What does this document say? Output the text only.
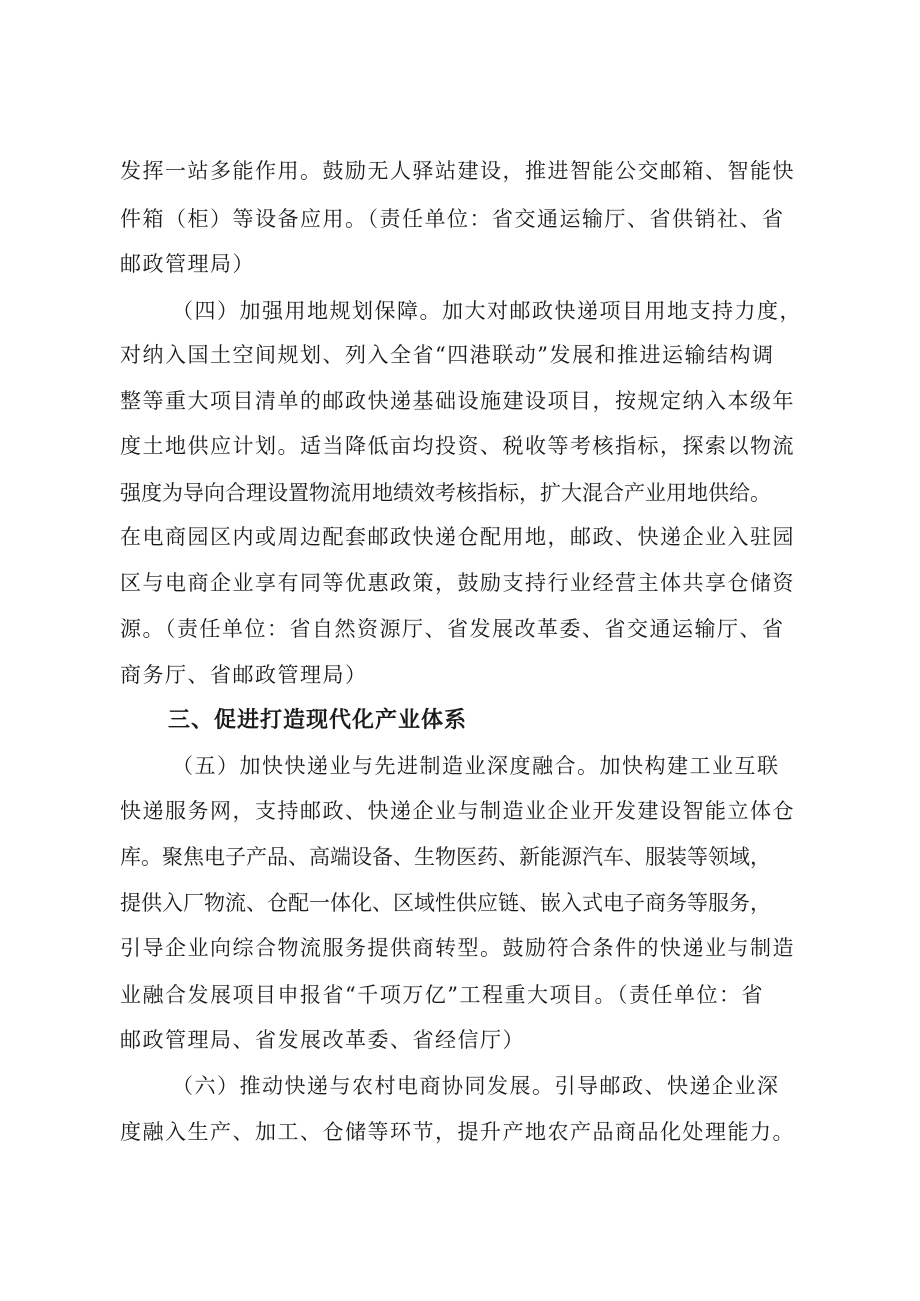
发挥一站多能作用。鼓励无人驿站建设，推进智能公交邮箱、智能快
件箱（柜）等设备应用。（责任单位：省交通运输厅、省供销社、省
邮政管理局）
（四）加强用地规划保障。加大对邮政快递项目用地支持力度，
对纳入国土空间规划、列入全省“四港联动”发展和推进运输结构调
整等重大项目清单的邮政快递基础设施建设项目，按规定纳入本级年
度土地供应计划。适当降低亩均投资、税收等考核指标，探索以物流
强度为导向合理设置物流用地绩效考核指标，扩大混合产业用地供给。
在电商园区内或周边配套邮政快递仓配用地，邮政、快递企业入驻园
区与电商企业享有同等优惠政策，鼓励支持行业经营主体共享仓储资
源。（责任单位：省自然资源厅、省发展改革委、省交通运输厅、省
商务厅、省邮政管理局）
三、促进打造现代化产业体系
（五）加快快递业与先进制造业深度融合。加快构建工业互联
快递服务网，支持邮政、快递企业与制造业企业开发建设智能立体仓
库。聚焦电子产品、高端设备、生物医药、新能源汽车、服装等领域，
提供入厂物流、仓配一体化、区域性供应链、嵌入式电子商务等服务，
引导企业向综合物流服务提供商转型。鼓励符合条件的快递业与制造
业融合发展项目申报省“千项万亿”工程重大项目。（责任单位：省
邮政管理局、省发展改革委、省经信厅）
（六）推动快递与农村电商协同发展。引导邮政、快递企业深
度融入生产、加工、仓储等环节，提升产地农产品商品化处理能力。
